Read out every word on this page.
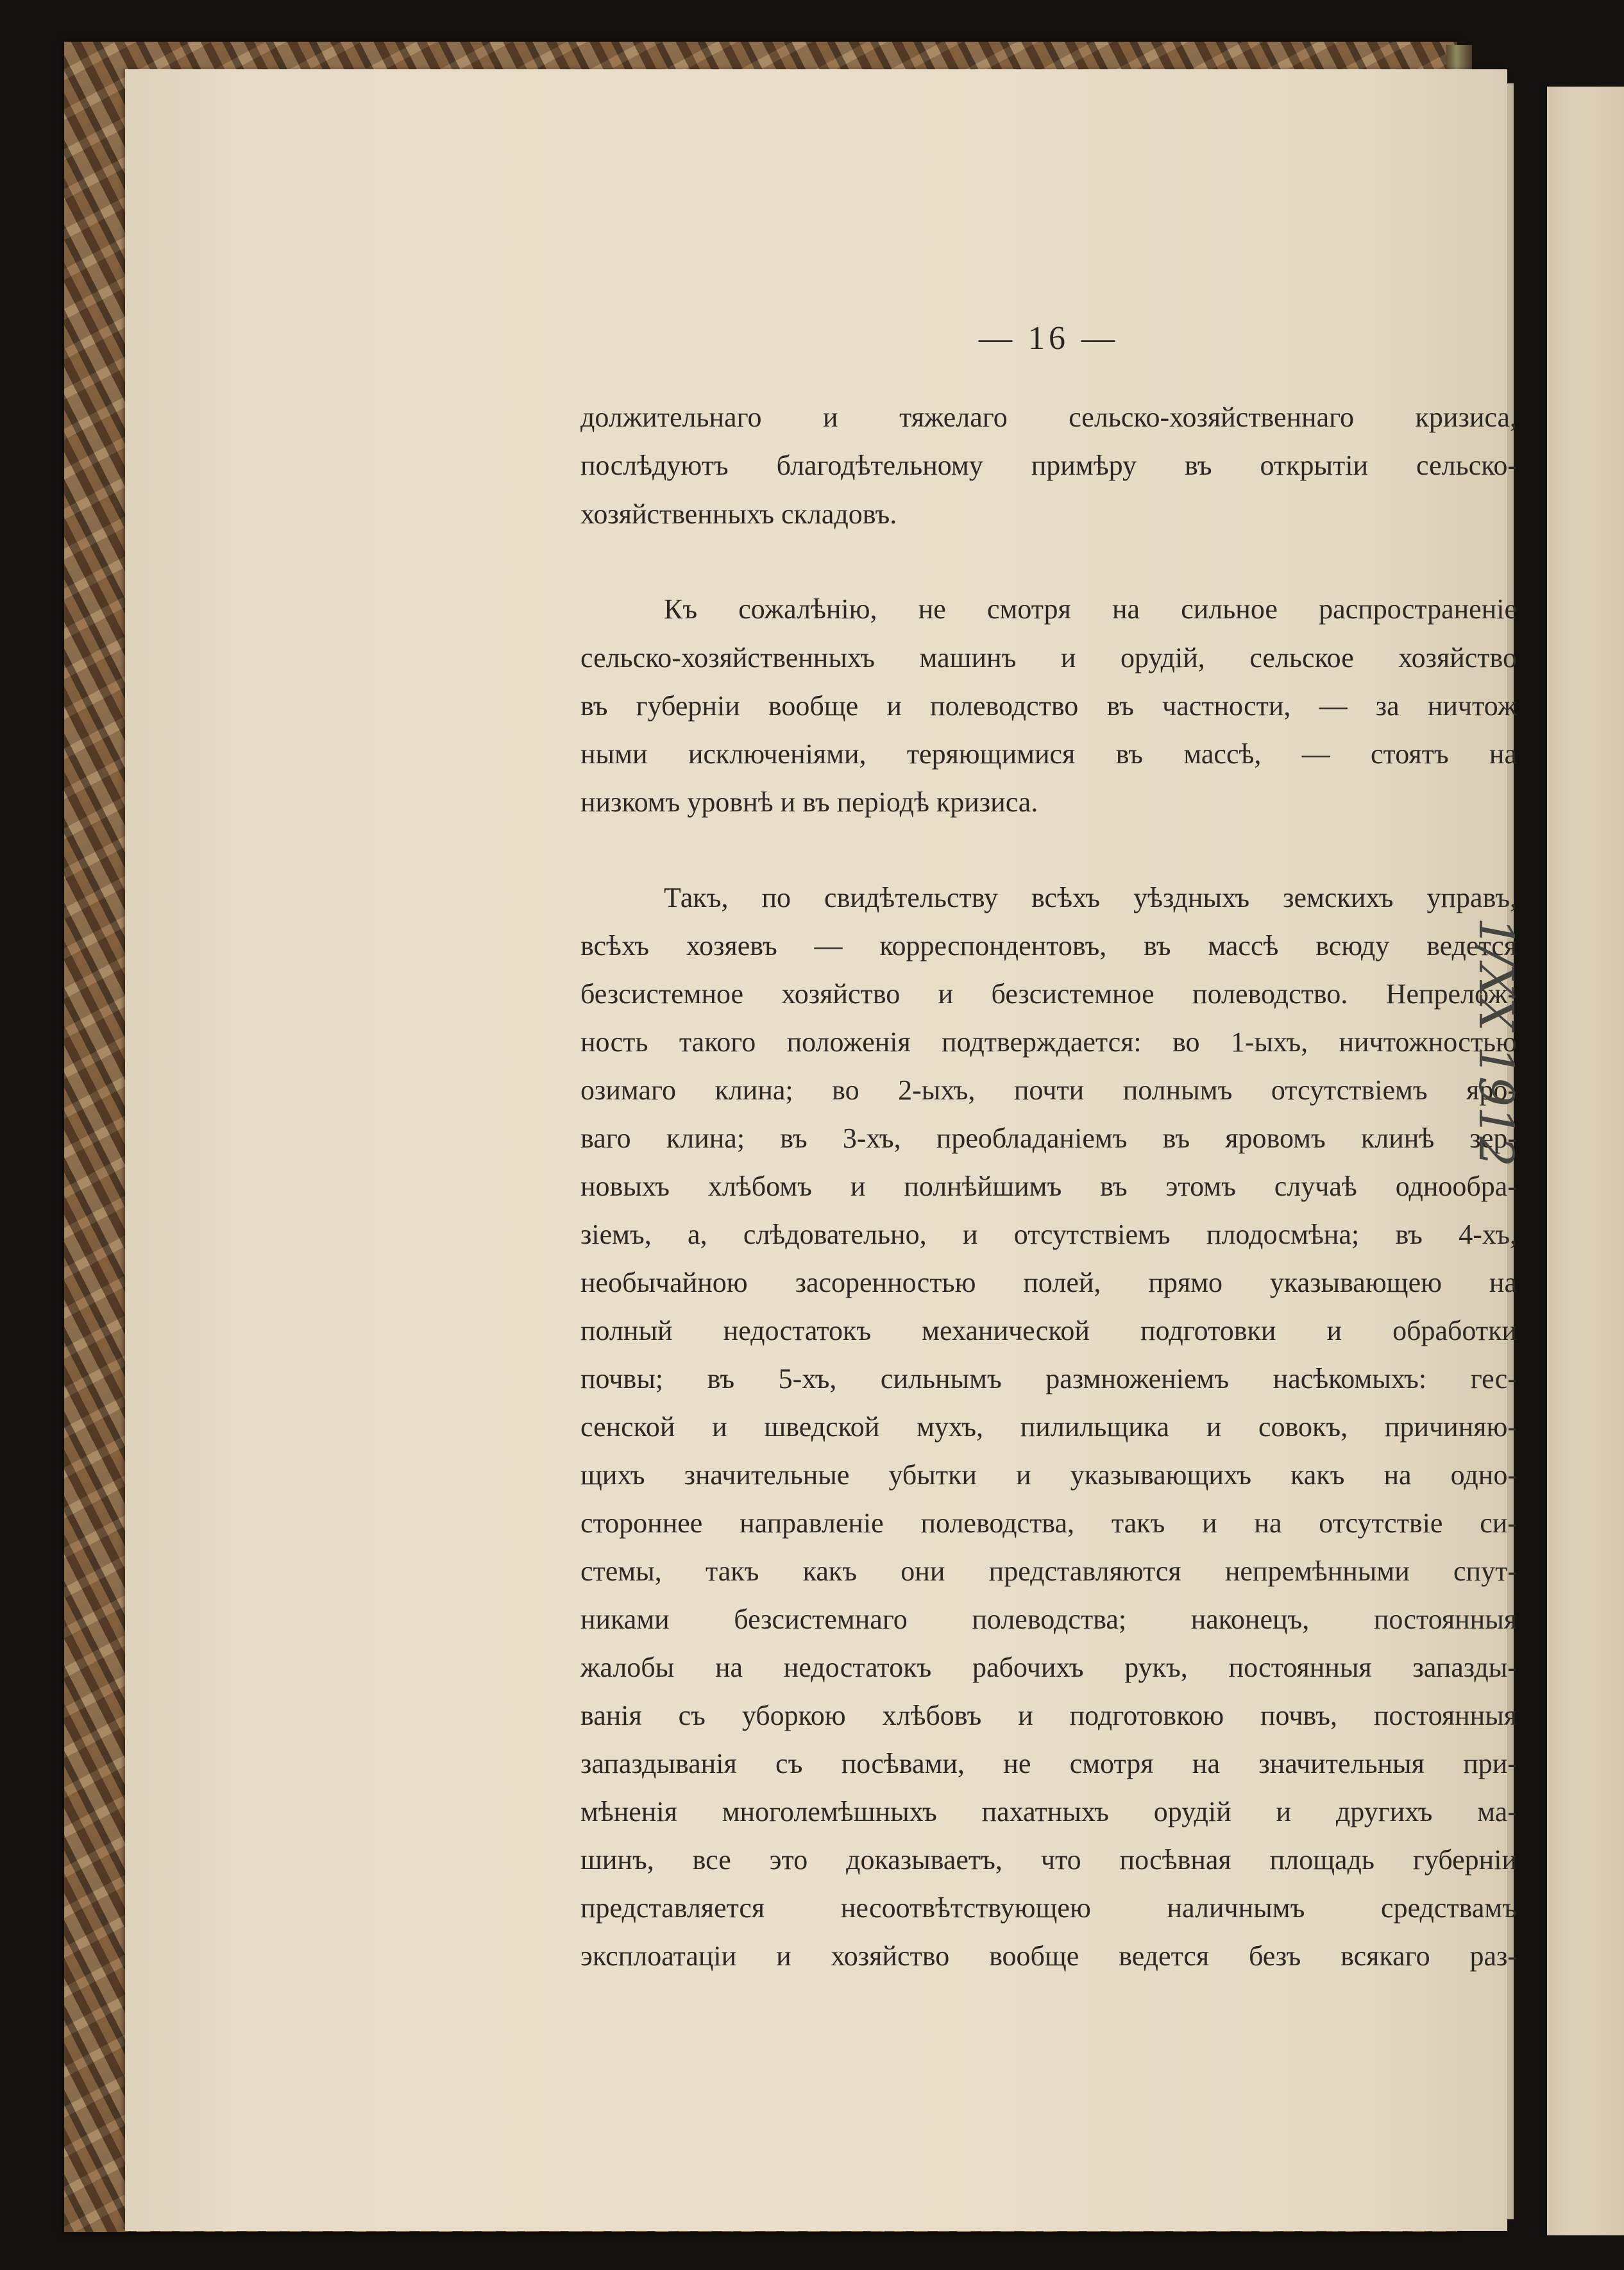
— 16 —
должительнаго и тяжелаго сельско-хозяйственнаго кризиса,
послѣдуютъ благодѣтельному примѣру въ открытіи сельско-
хозяйственныхъ складовъ.
Къ сожалѣнію, не смотря на сильное распространеніе
сельско-хозяйственныхъ машинъ и орудій, сельское хозяйство
въ губерніи вообще и полеводство въ частности, — за ничтож
ными исключеніями, теряющимися въ массѣ, — стоятъ на
низкомъ уровнѣ и въ періодѣ кризиса.
Такъ, по свидѣтельству всѣхъ уѣздныхъ земскихъ управъ,
всѣхъ хозяевъ — корреспондентовъ, въ массѣ всюду ведется
безсистемное хозяйство и безсистемное полеводство. Непрелож-
ность такого положенія подтверждается: во 1-ыхъ, ничтожностью
озимаго клина; во 2-ыхъ, почти полнымъ отсутствіемъ яро-
ваго клина; въ 3-хъ, преобладаніемъ въ яровомъ клинѣ зер-
новыхъ хлѣбомъ и полнѣйшимъ въ этомъ случаѣ однообра-
зіемъ, а, слѣдовательно, и отсутствіемъ плодосмѣна; въ 4-хъ,
необычайною засоренностью полей, прямо указывающею на
полный недостатокъ механической подготовки и обработки
почвы; въ 5-хъ, сильнымъ размноженіемъ насѣкомыхъ: гес-
сенской и шведской мухъ, пилильщика и совокъ, причиняю-
щихъ значительные убытки и указывающихъ какъ на одно-
стороннее направленіе полеводства, такъ и на отсутствіе си-
стемы, такъ какъ они представляются непремѣнными спут-
никами безсистемнаго полеводства; наконецъ, постоянныя
жалобы на недостатокъ рабочихъ рукъ, постоянныя запазды-
ванія съ уборкою хлѣбовъ и подготовкою почвъ, постоянныя
запаздыванія съ посѣвами, не смотря на значительныя при-
мѣненія многолемѣшныхъ пахатныхъ орудій и другихъ ма-
шинъ, все это доказываетъ, что посѣвная площадь губерніи
представляется несоотвѣтствующею наличнымъ средствамъ
эксплоатаціи и хозяйство вообще ведется безъ всякаго раз-
1/ХХ 1912
